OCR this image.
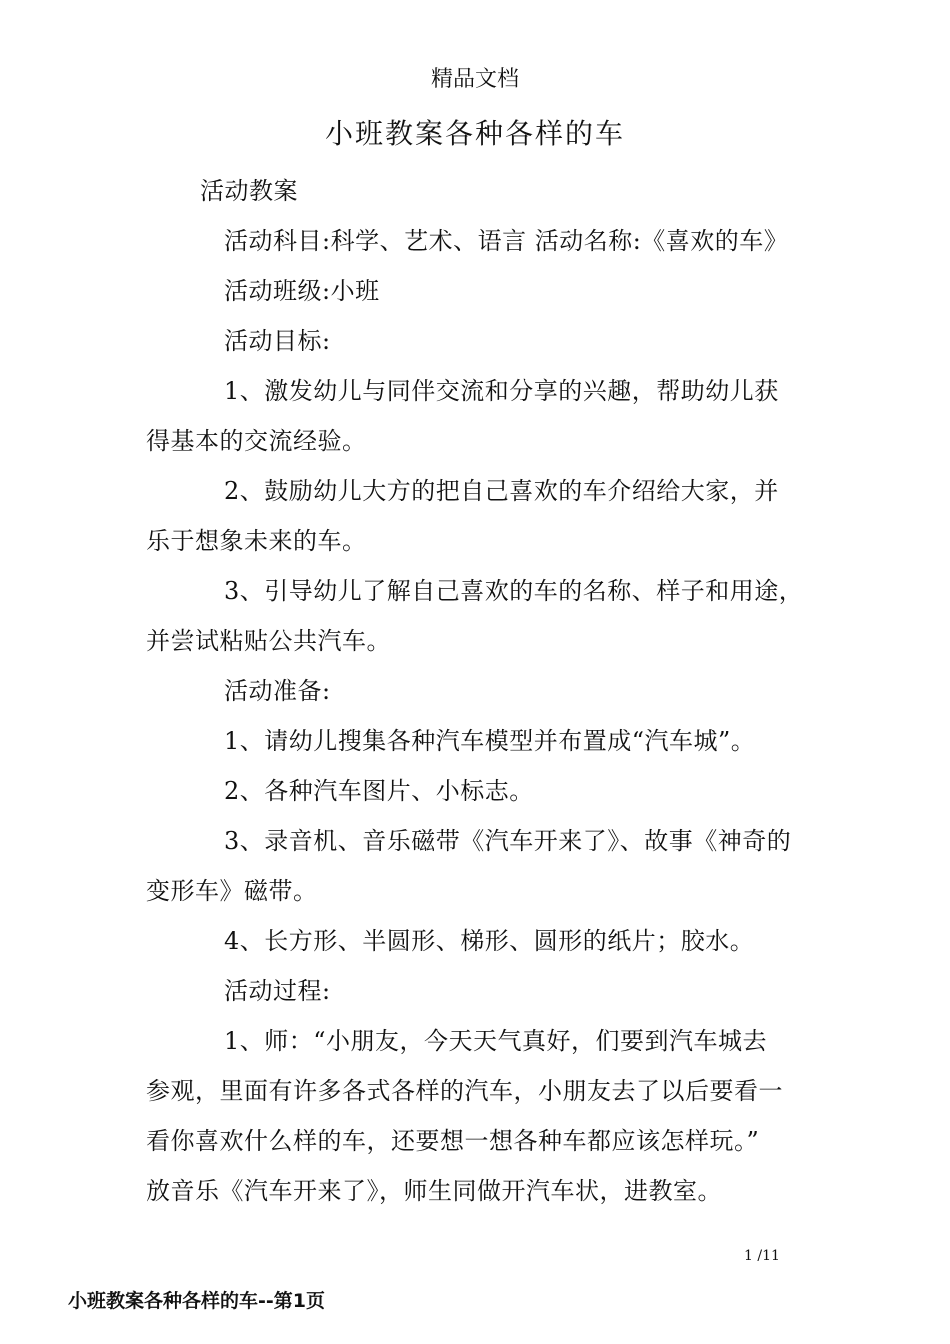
精品文档
小班教案各种各样的车
活动教案
活动科目:科学、艺术、语言 活动名称:《喜欢的车》
活动班级:小班
活动目标:
1、激发幼儿与同伴交流和分享的兴趣，帮助幼儿获
得基本的交流经验。
2、鼓励幼儿大方的把自己喜欢的车介绍给大家，并
乐于想象未来的车。
3、引导幼儿了解自己喜欢的车的名称、样子和用途，
并尝试粘贴公共汽车。
活动准备:
1、请幼儿搜集各种汽车模型并布置成“汽车城”。
2、各种汽车图片、小标志。
3、录音机、音乐磁带《汽车开来了》、故事《神奇的
变形车》磁带。
4、长方形、半圆形、梯形、圆形的纸片；胶水。
活动过程:
1、师：“小朋友，今天天气真好，们要到汽车城去
参观，里面有许多各式各样的汽车，小朋友去了以后要看一
看你喜欢什么样的车，还要想一想各种车都应该怎样玩。”
放音乐《汽车开来了》，师生同做开汽车状，进教室。
1 /11
小班教案各种各样的车--第1页
